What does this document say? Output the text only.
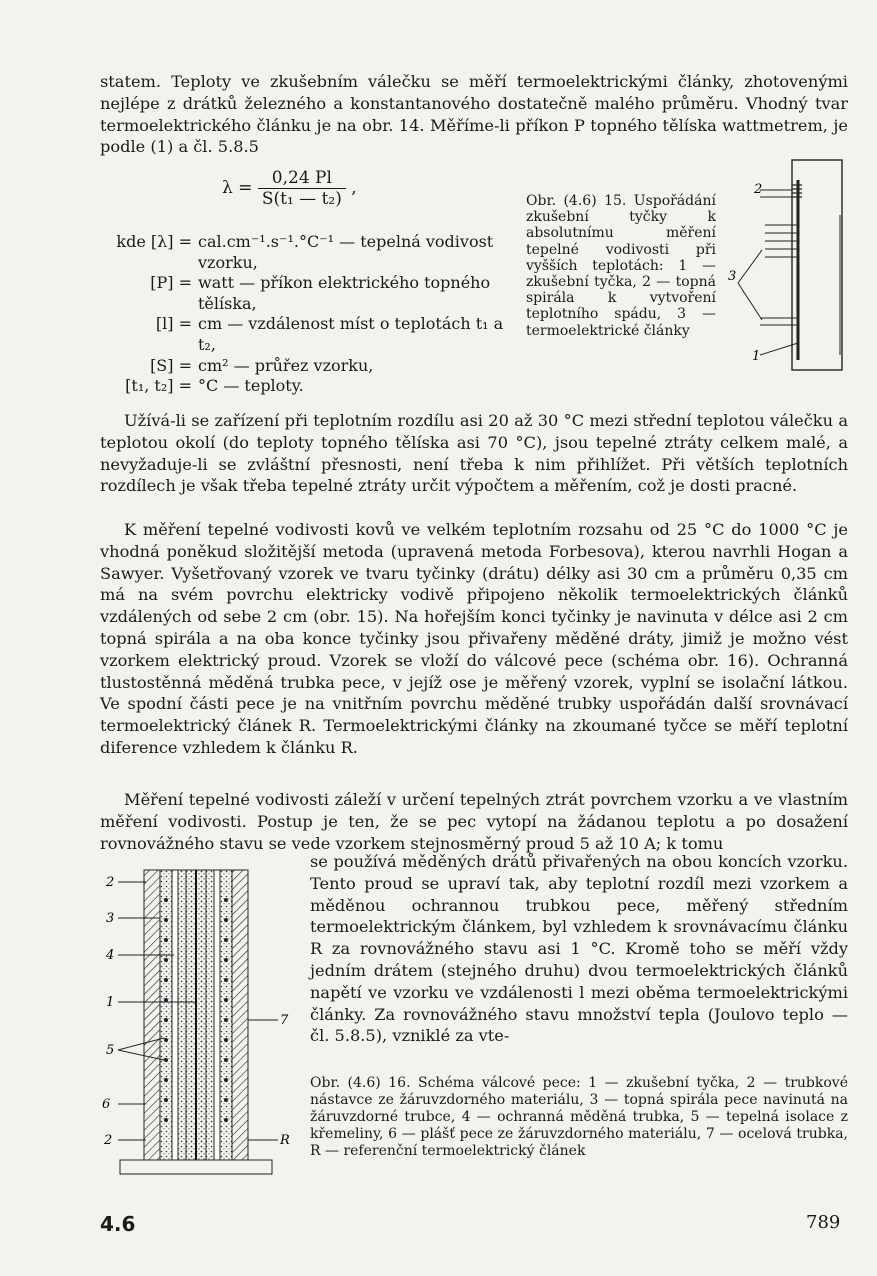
statem. Teploty ve zkušebním válečku se měří termoelektrickými články, zhotovenými nejlépe z drátků železného a konstantanového dostatečně malého průměru. Vhodný tvar termoelektrického článku je na obr. 14. Měříme-li příkon P topného tělíska wattmetrem, je podle (1) a čl. 5.8.5

$\lambda = \frac{0,24 Pl}{\text{S(t₁ — t₂)}}$ ,
kde [λ] = cal.cm⁻¹.s⁻¹.°C⁻¹ — tepelná vodivost vzorku,
[P] = watt — příkon elektrického topného tělíska,
[l] = cm — vzdálenost míst o teplotách t₁ a t₂,
[S] = cm² — průřez vzorku,
[t₁, t₂] = °C — teploty.

Obr. (4.6) 15. Uspořádání zkušební tyčky k absolutnímu měření tepelné vodivosti při vyšších teplotách: 1 — zkušební tyčka, 2 — topná spirála k vytvoření teplotního spádu, 3 — termoelektrické články

2
3
1

Užívá-li se zařízení při teplotním rozdílu asi 20 až 30 °C mezi střední teplotou válečku a teplotou okolí (do teploty topného tělíska asi 70 °C), jsou tepelné ztráty celkem malé, a nevyžaduje-li se zvláštní přesnosti, není třeba k nim přihlížet. Při větších teplotních rozdílech je však třeba tepelné ztráty určit výpočtem a měřením, což je dosti pracné.

K měření tepelné vodivosti kovů ve velkém teplotním rozsahu od 25 °C do 1000 °C je vhodná poněkud složitější metoda (upravená metoda Forbesova), kterou navrhli Hogan a Sawyer. Vyšetřovaný vzorek ve tvaru tyčinky (drátu) délky asi 30 cm a průměru 0,35 cm má na svém povrchu elektricky vodivě připojeno několik termoelektrických článků vzdálených od sebe 2 cm (obr. 15). Na hořejším konci tyčinky je navinuta v délce asi 2 cm topná spirála a na oba konce tyčinky jsou přivařeny měděné dráty, jimiž je možno vést vzorkem elektrický proud. Vzorek se vloží do válcové pece (schéma obr. 16). Ochranná tlustostěnná měděná trubka pece, v jejíž ose je měřený vzorek, vyplní se isolační látkou. Ve spodní části pece je na vnitřním povrchu měděné trubky uspořádán další srovnávací termoelektrický článek R. Termoelektrickými články na zkoumané tyčce se měří teplotní diference vzhledem k článku R.

Měření tepelné vodivosti záleží v určení tepelných ztrát povrchem vzorku a ve vlastním měření vodivosti. Postup je ten, že se pec vytopí na žádanou teplotu a po dosažení rovnovážného stavu se vede vzorkem stejnosměrný proud 5 až 10 A; k tomu

2
3
4
1
5
6
2
7
R

se používá měděných drátů přivařených na obou koncích vzorku. Tento proud se upraví tak, aby teplotní rozdíl mezi vzorkem a měděnou ochrannou trubkou pece, měřený středním termoelektrickým článkem, byl vzhledem k srovnávacímu článku R za rovnovážného stavu asi 1 °C. Kromě toho se měří vždy jedním drátem (stejného druhu) dvou termoelektrických článků napětí ve vzorku ve vzdálenosti l mezi oběma termoelektrickými články. Za rovnovážného stavu množství tepla (Joulovo teplo — čl. 5.8.5), vzniklé za vte-

Obr. (4.6) 16. Schéma válcové pece: 1 — zkušební tyčka, 2 — trubkové nástavce ze žáruvzdorného materiálu, 3 — topná spirála pece navinutá na žáruvzdorné trubce, 4 — ochranná měděná trubka, 5 — tepelná isolace z křemeliny, 6 — plášť pece ze žáruvzdorného materiálu, 7 — ocelová trubka, R — referenční termoelektrický článek

4.6	789
